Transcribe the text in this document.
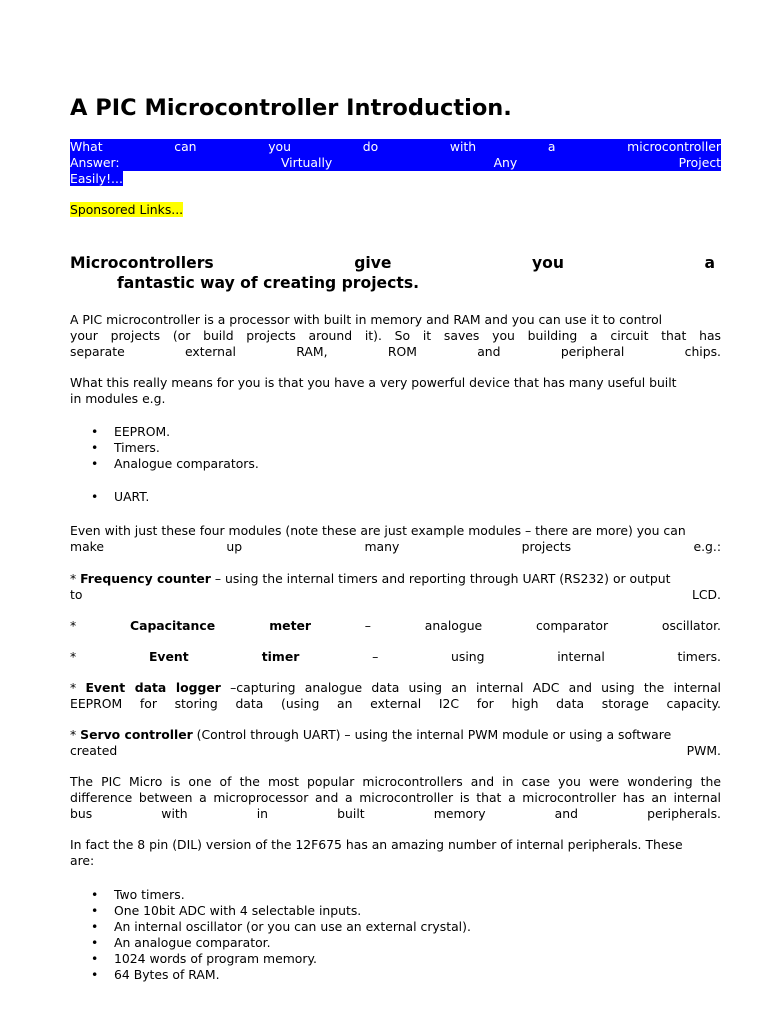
A PIC Microcontroller Introduction.
What can you do with a microcontroller
Answer: Virtually Any Project
Easily!...
Sponsored Links...
Microcontrollers give you a
fantastic way of creating projects.
A PIC microcontroller is a processor with built in memory and RAM and you can use it to control
your projects (or build projects around it). So it saves you building a circuit that has
separate external RAM, ROM and peripheral chips.
What this really means for you is that you have a very powerful device that has many useful built
in modules e.g.
• EEPROM.
• Timers.
• Analogue comparators.
• UART.
Even with just these four modules (note these are just example modules – there are more) you can
make up many projects e.g.:
* Frequency counter – using the internal timers and reporting through UART (RS232) or output
to	LCD.
*	Capacitance meter – analogue comparator oscillator.
*	Event timer – using internal timers.
* Event data logger –capturing analogue data using an internal ADC and using the internal
EEPROM for storing data (using an external I2C for high data storage capacity.
* Servo controller (Control through UART) – using the internal PWM module or using a software
created	PWM.
The PIC Micro is one of the most popular microcontrollers and in case you were wondering the
difference between a microprocessor and a microcontroller is that a microcontroller has an internal
bus with in built memory and peripherals.
In fact the 8 pin (DIL) version of the 12F675 has an amazing number of internal peripherals. These
are:
• Two timers.
• One 10bit ADC with 4 selectable inputs.
• An internal oscillator (or you can use an external crystal).
• An analogue comparator.
• 1024 words of program memory.
• 64 Bytes of RAM.
